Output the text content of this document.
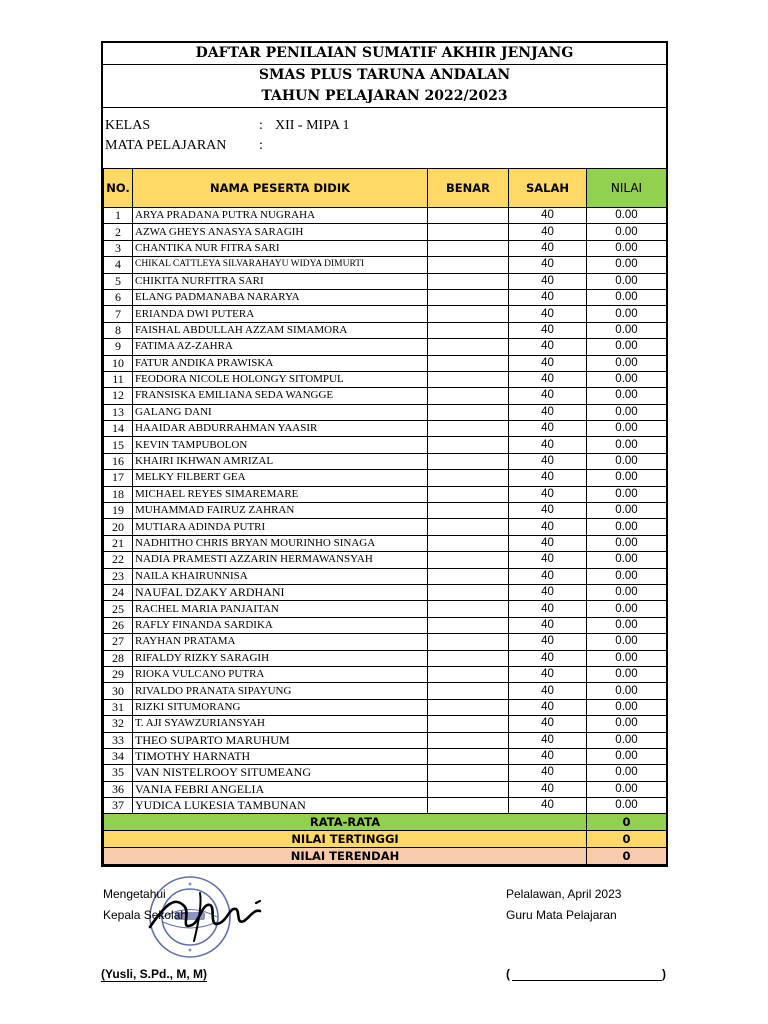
DAFTAR PENILAIAN SUMATIF AKHIR JENJANG
SMAS PLUS TARUNA ANDALAN
TAHUN PELAJARAN 2022/2023
KELAS	: XII - MIPA 1
MATA PELAJARAN	:
NO.	NAMA PESERTA DIDIK	BENAR	SALAH	NILAI
1	ARYA PRADANA PUTRA NUGRAHA		40	0.00
2	AZWA GHEYS ANASYA SARAGIH		40	0.00
3	CHANTIKA NUR FITRA SARI		40	0.00
4	CHIKAL CATTLEYA SILVARAHAYU WIDYA DIMURTI		40	0.00
5	CHIKITA NURFITRA SARI		40	0.00
6	ELANG PADMANABA NARARYA		40	0.00
7	ERIANDA DWI PUTERA		40	0.00
8	FAISHAL ABDULLAH AZZAM SIMAMORA		40	0.00
9	FATIMA AZ-ZAHRA		40	0.00
10	FATUR ANDIKA PRAWISKA		40	0.00
11	FEODORA NICOLE HOLONGY SITOMPUL		40	0.00
12	FRANSISKA EMILIANA SEDA WANGGE		40	0.00
13	GALANG DANI		40	0.00
14	HAAIDAR ABDURRAHMAN YAASIR		40	0.00
15	KEVIN TAMPUBOLON		40	0.00
16	KHAIRI IKHWAN AMRIZAL		40	0.00
17	MELKY FILBERT GEA		40	0.00
18	MICHAEL REYES SIMAREMARE		40	0.00
19	MUHAMMAD FAIRUZ ZAHRAN		40	0.00
20	MUTIARA ADINDA PUTRI		40	0.00
21	NADHITHO CHRIS BRYAN MOURINHO SINAGA		40	0.00
22	NADIA PRAMESTI AZZARIN HERMAWANSYAH		40	0.00
23	NAILA KHAIRUNNISA		40	0.00
24	NAUFAL DZAKY ARDHANI		40	0.00
25	RACHEL MARIA PANJAITAN		40	0.00
26	RAFLY FINANDA SARDIKA		40	0.00
27	RAYHAN PRATAMA		40	0.00
28	RIFALDY RIZKY SARAGIH		40	0.00
29	RIOKA VULCANO PUTRA		40	0.00
30	RIVALDO PRANATA SIPAYUNG		40	0.00
31	RIZKI SITUMORANG		40	0.00
32	T. AJI SYAWZURIANSYAH		40	0.00
33	THEO SUPARTO MARUHUM		40	0.00
34	TIMOTHY HARNATH		40	0.00
35	VAN NISTELROOY SITUMEANG		40	0.00
36	VANIA FEBRI ANGELIA		40	0.00
37	YUDICA LUKESIA TAMBUNAN		40	0.00
RATA-RATA				0
NILAI TERTINGGI				0
NILAI TERENDAH				0
Mengetahui
Kepala Sekolah
(Yusli, S.Pd., M, M)
Pelalawan, April 2023
Guru Mata Pelajaran
(	)
